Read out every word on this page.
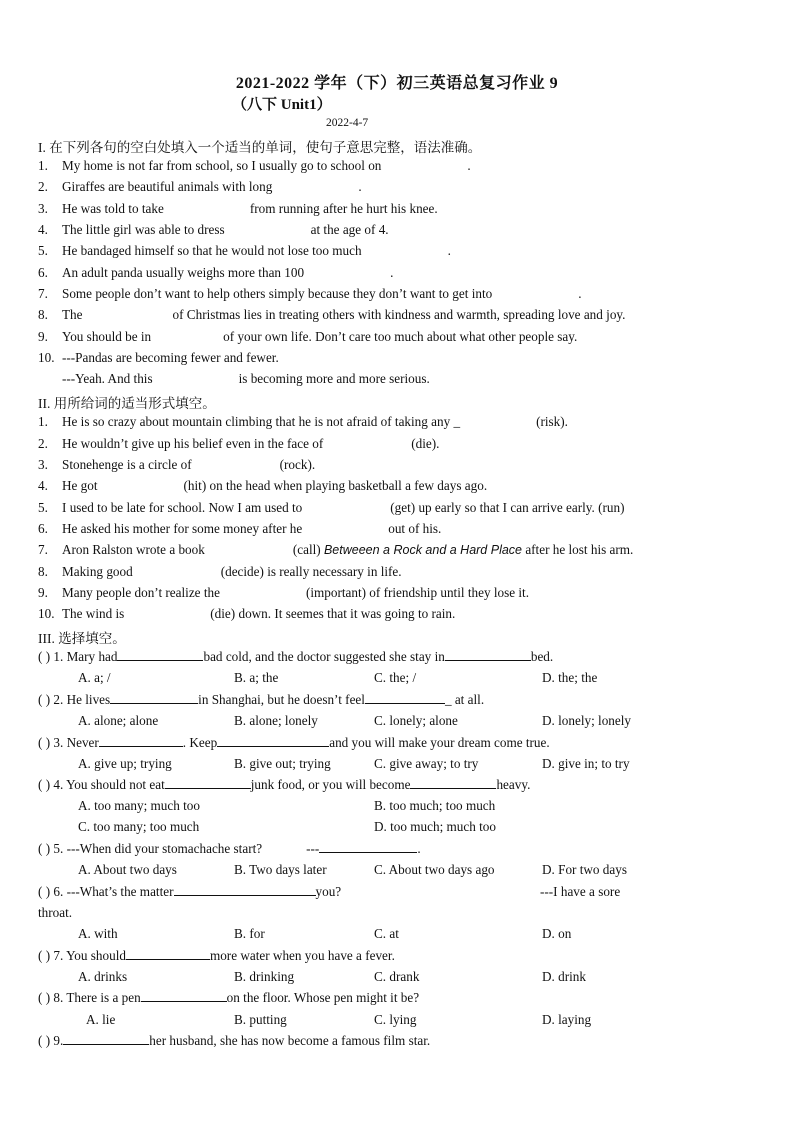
2021-2022 学年（下）初三英语总复习作业 9
（八下 Unit1）
2022-4-7
I. 在下列各句的空白处填入一个适当的单词，使句子意思完整，语法准确。
1. My home is not far from school, so I usually go to school on	.
2. Giraffes are beautiful animals with long	.
3. He was told to take	from running after he hurt his knee.
4. The little girl was able to dress	at the age of 4.
5. He bandaged himself so that he would not lose too much	.
6. An adult panda usually weighs more than 100	.
7. Some people don’t want to help others simply because they don’t want to get into	.
8. The	of Christmas lies in treating others with kindness and warmth, spreading love and joy.
9. You should be in	of your own life. Don’t care too much about what other people say.
10. ---Pandas are becoming fewer and fewer.
---Yeah. And this	is becoming more and more serious.
II. 用所给词的适当形式填空。
1. He is so crazy about mountain climbing that he is not afraid of taking any _	(risk).
2. He wouldn’t give up his belief even in the face of	(die).
3. Stonehenge is a circle of	(rock).
4. He got	(hit) on the head when playing basketball a few days ago.
5. I used to be late for school. Now I am used to	(get) up early so that I can arrive early. (run)
6. He asked his mother for some money after he	out of his.
7. Aron Ralston wrote a book	(call) Betweeen a Rock and a Hard Place after he lost his arm.
8. Making good	(decide) is really necessary in life.
9. Many people don’t realize the	(important) of friendship until they lose it.
10. The wind is	(die) down. It seemes that it was going to rain.
III. 选择填空。
( ) 1. Mary had	bad cold, and the doctor suggested she stay in	bed.
A. a; /	B. a; the	C. the; /	D. the; the
( ) 2. He lives	in Shanghai, but he doesn’t feel	_ at all.
A. alone; alone	B. alone; lonely	C. lonely; alone	D. lonely; lonely
( ) 3. Never	. Keep	and you will make your dream come true.
A. give up; trying	B. give out; trying	C. give away; to try	D. give in; to try
( ) 4. You should not eat	junk food, or you will become	heavy.
A. too many; much too	B. too much; too much
C. too many; too much	D. too much; much too
( ) 5. ---When did your stomachache start?	---	.
A. About two days	B. Two days later	C. About two days ago	D. For two days
( ) 6. ---What’s the matter	you?	---I have a sore
throat.
A. with	B. for	C. at	D. on
( ) 7. You should	more water when you have a fever.
A. drinks	B. drinking	C. drank	D. drink
( ) 8. There is a pen	on the floor. Whose pen might it be?
A. lie	B. putting	C. lying	D. laying
( ) 9.	her husband, she has now become a famous film star.
